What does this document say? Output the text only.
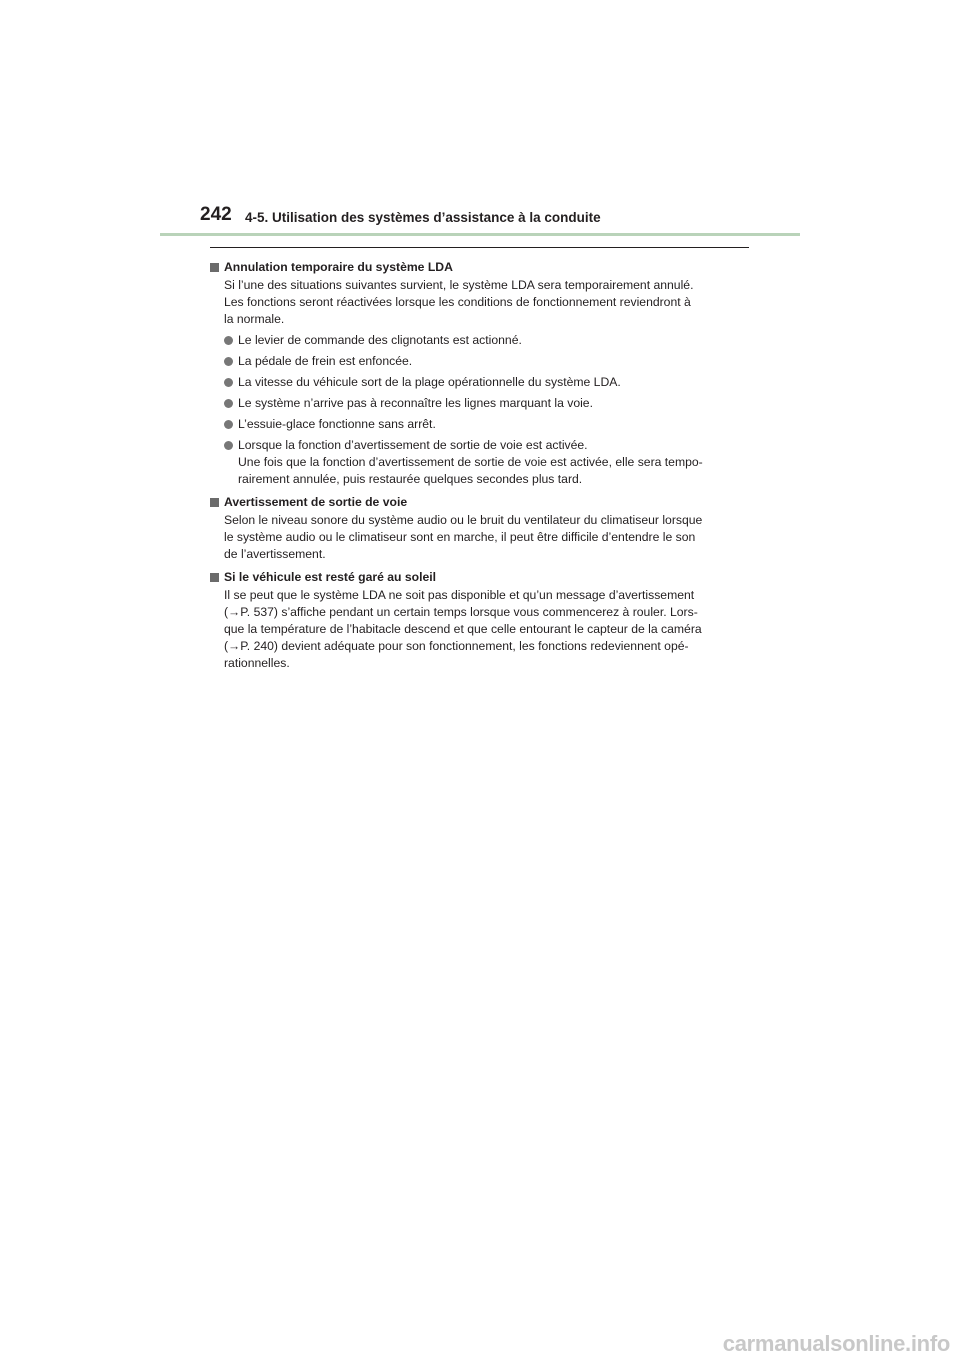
242 4-5. Utilisation des systèmes d’assistance à la conduite
Annulation temporaire du système LDA
Si l’une des situations suivantes survient, le système LDA sera temporairement annulé.
Les fonctions seront réactivées lorsque les conditions de fonctionnement reviendront à
la normale.
Le levier de commande des clignotants est actionné.
La pédale de frein est enfoncée.
La vitesse du véhicule sort de la plage opérationnelle du système LDA.
Le système n’arrive pas à reconnaître les lignes marquant la voie.
L’essuie-glace fonctionne sans arrêt.
Lorsque la fonction d’avertissement de sortie de voie est activée.
Une fois que la fonction d’avertissement de sortie de voie est activée, elle sera tempo-
rairement annulée, puis restaurée quelques secondes plus tard.
Avertissement de sortie de voie
Selon le niveau sonore du système audio ou le bruit du ventilateur du climatiseur lorsque
le système audio ou le climatiseur sont en marche, il peut être difficile d’entendre le son
de l’avertissement.
Si le véhicule est resté garé au soleil
Il se peut que le système LDA ne soit pas disponible et qu’un message d’avertissement
(→P. 537) s’affiche pendant un certain temps lorsque vous commencerez à rouler. Lors-
que la température de l’habitacle descend et que celle entourant le capteur de la caméra
(→P. 240) devient adéquate pour son fonctionnement, les fonctions redeviennent opé-
rationnelles.
carmanualsonline.info
